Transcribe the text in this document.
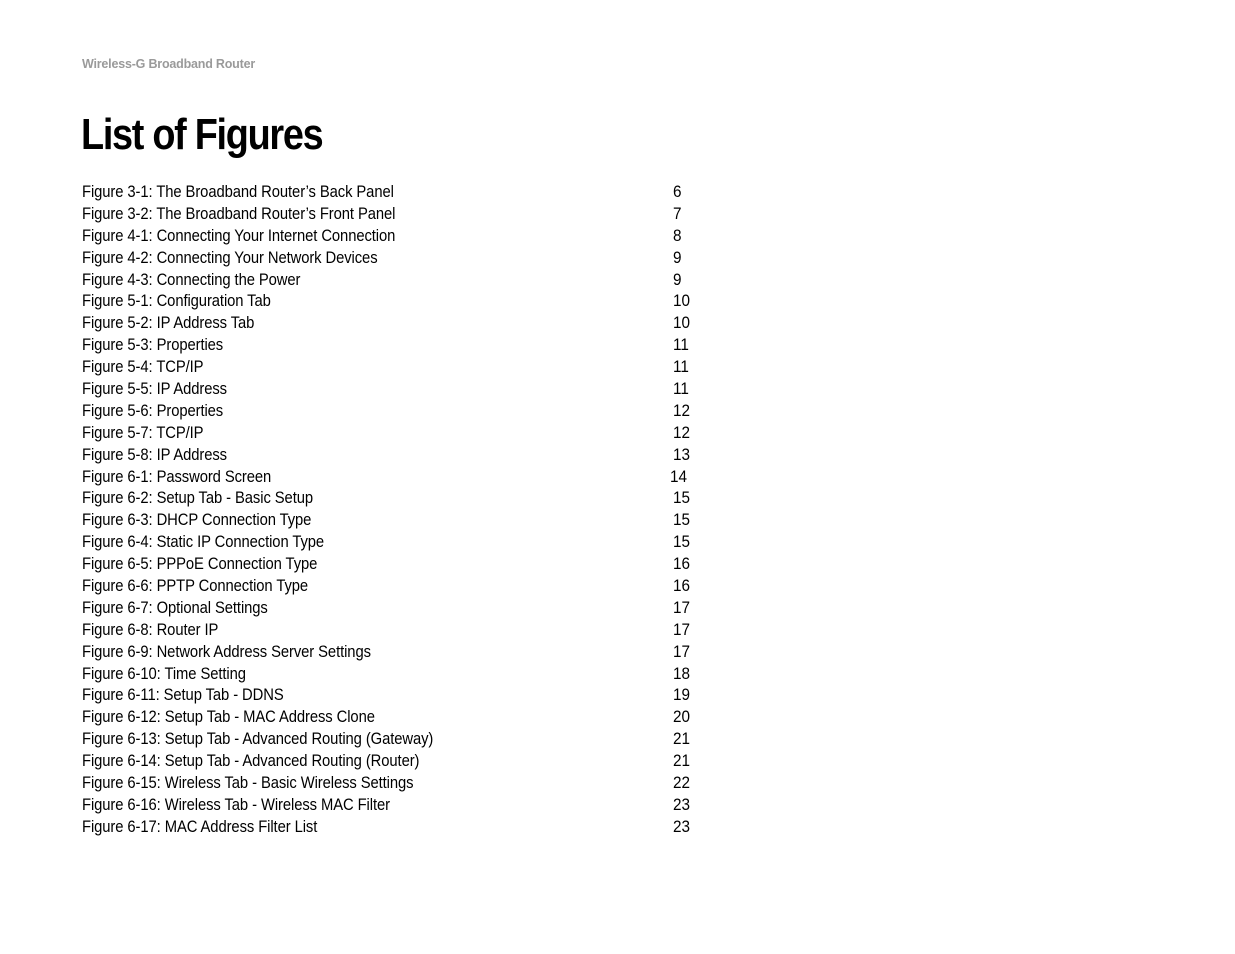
Wireless-G Broadband Router
List of Figures
Figure 3-1: The Broadband Router’s Back Panel	6
Figure 3-2: The Broadband Router’s Front Panel	7
Figure 4-1: Connecting Your Internet Connection	8
Figure 4-2: Connecting Your Network Devices	9
Figure 4-3: Connecting the Power	9
Figure 5-1: Configuration Tab	10
Figure 5-2: IP Address Tab	10
Figure 5-3: Properties	11
Figure 5-4: TCP/IP	11
Figure 5-5: IP Address	11
Figure 5-6: Properties	12
Figure 5-7: TCP/IP	12
Figure 5-8: IP Address	13
Figure 6-1: Password Screen	14
Figure 6-2: Setup Tab - Basic Setup	15
Figure 6-3: DHCP Connection Type	15
Figure 6-4: Static IP Connection Type	15
Figure 6-5: PPPoE Connection Type	16
Figure 6-6: PPTP Connection Type	16
Figure 6-7: Optional Settings	17
Figure 6-8: Router IP	17
Figure 6-9: Network Address Server Settings	17
Figure 6-10: Time Setting	18
Figure 6-11: Setup Tab - DDNS	19
Figure 6-12: Setup Tab - MAC Address Clone	20
Figure 6-13: Setup Tab - Advanced Routing (Gateway)	21
Figure 6-14: Setup Tab - Advanced Routing (Router)	21
Figure 6-15: Wireless Tab - Basic Wireless Settings	22
Figure 6-16: Wireless Tab - Wireless MAC Filter	23
Figure 6-17: MAC Address Filter List	23
